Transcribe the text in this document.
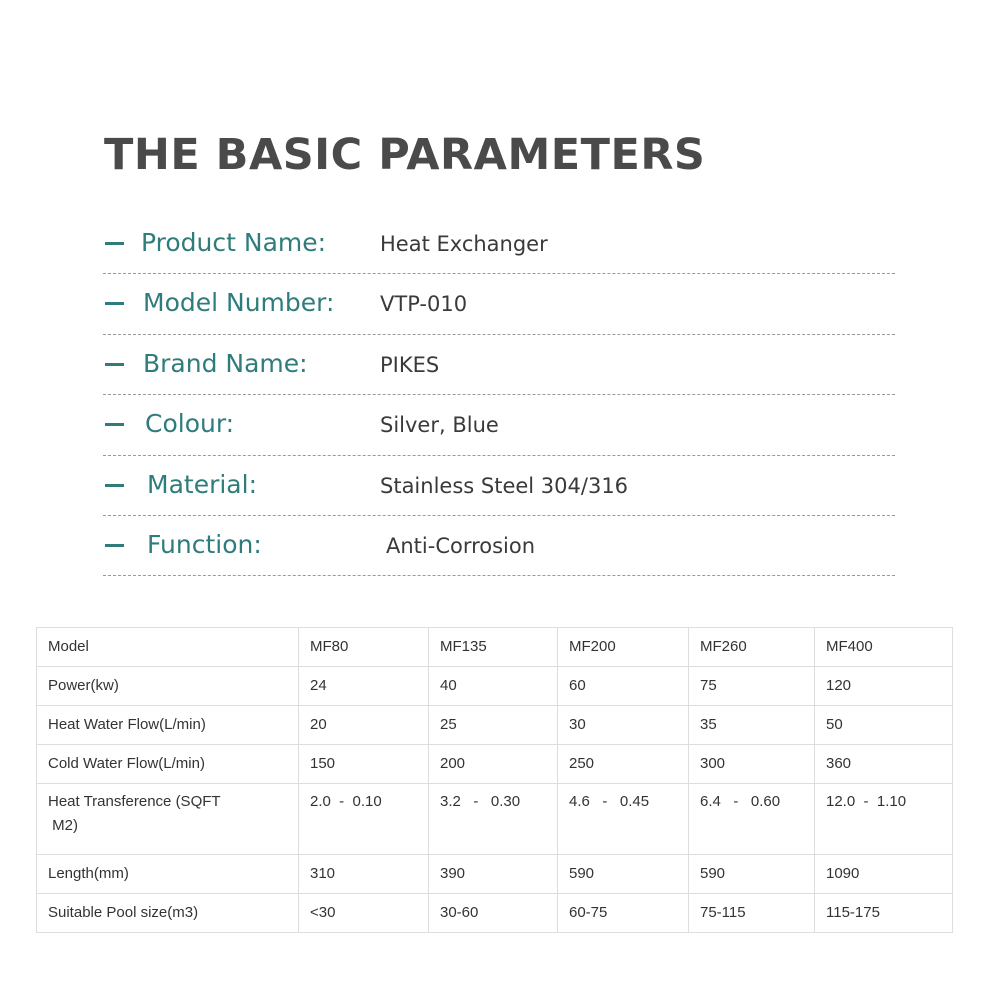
THE BASIC PARAMETERS
Product Name:	Heat Exchanger
Model Number: VTP-010
Brand Name:	PIKES
Colour:	Silver, Blue
Material:	Stainless Steel 304/316
Function:	Anti-Corrosion
Model	MF80	MF135	MF200	MF260	MF400
Power(kw)	24	40	60	75	120
Heat Water Flow(L/min)	20	25	30	35	50
Cold Water Flow(L/min)	150	200	250	300	360
Heat Transference (SQFT
M2)	2.0  -  0.10	3.2   -   0.30	4.6   -   0.45	6.4   -   0.60	12.0  -  1.10
Length(mm)	310	390	590	590	1090
Suitable Pool size(m3)	<30	30-60	60-75	75-115	115-175
